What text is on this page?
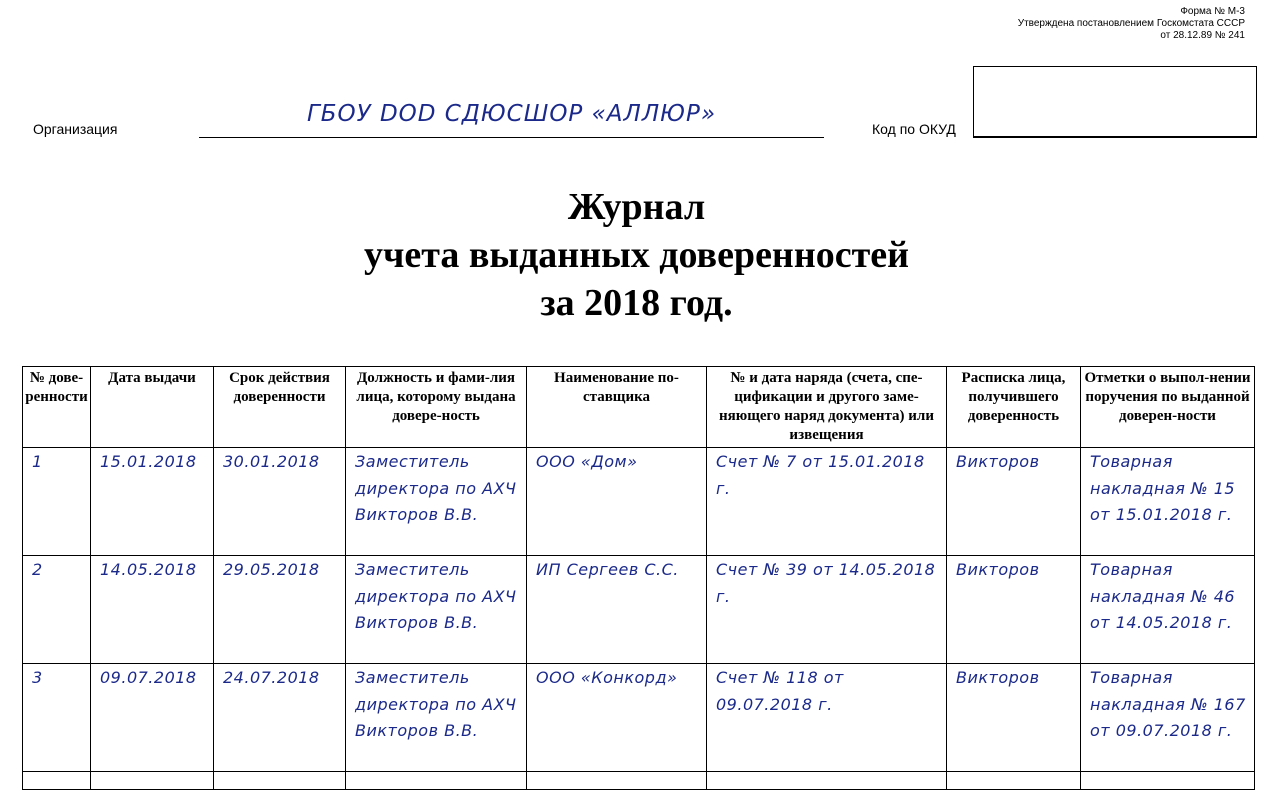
Форма № М-3
Утверждена постановлением Госкомстата СССР
от 28.12.89 № 241
Организация
ГБОУ DOD СДЮСШОР «АЛЛЮР»
Код по ОКУД
Журнал
учета выданных доверенностей
за 2018 год.
№ дове-ренности	Дата выдачи	Срок действия доверенности	Должность и фами-лия лица, которому выдана довере-ность	Наименование по-ставщика	№ и дата наряда (счета, спе-цификации и другого заме-няющего наряд документа) или извещения	Расписка лица, получившего доверенность	Отметки о выпол-нении поручения по выданной доверен-ности
1	15.01.2018	30.01.2018	Заместитель директора по АХЧ Викторов В.В.	ООО «Дом»	Счет № 7 от 15.01.2018 г.	Викторов	Товарная накладная № 15 от 15.01.2018 г.
2	14.05.2018	29.05.2018	Заместитель директора по АХЧ Викторов В.В.	ИП Сергеев С.С.	Счет № 39 от 14.05.2018 г.	Викторов	Товарная накладная № 46 от 14.05.2018 г.
3	09.07.2018	24.07.2018	Заместитель директора по АХЧ Викторов В.В.	ООО «Конкорд»	Счет № 118 от 09.07.2018 г.	Викторов	Товарная накладная № 167 от 09.07.2018 г.
